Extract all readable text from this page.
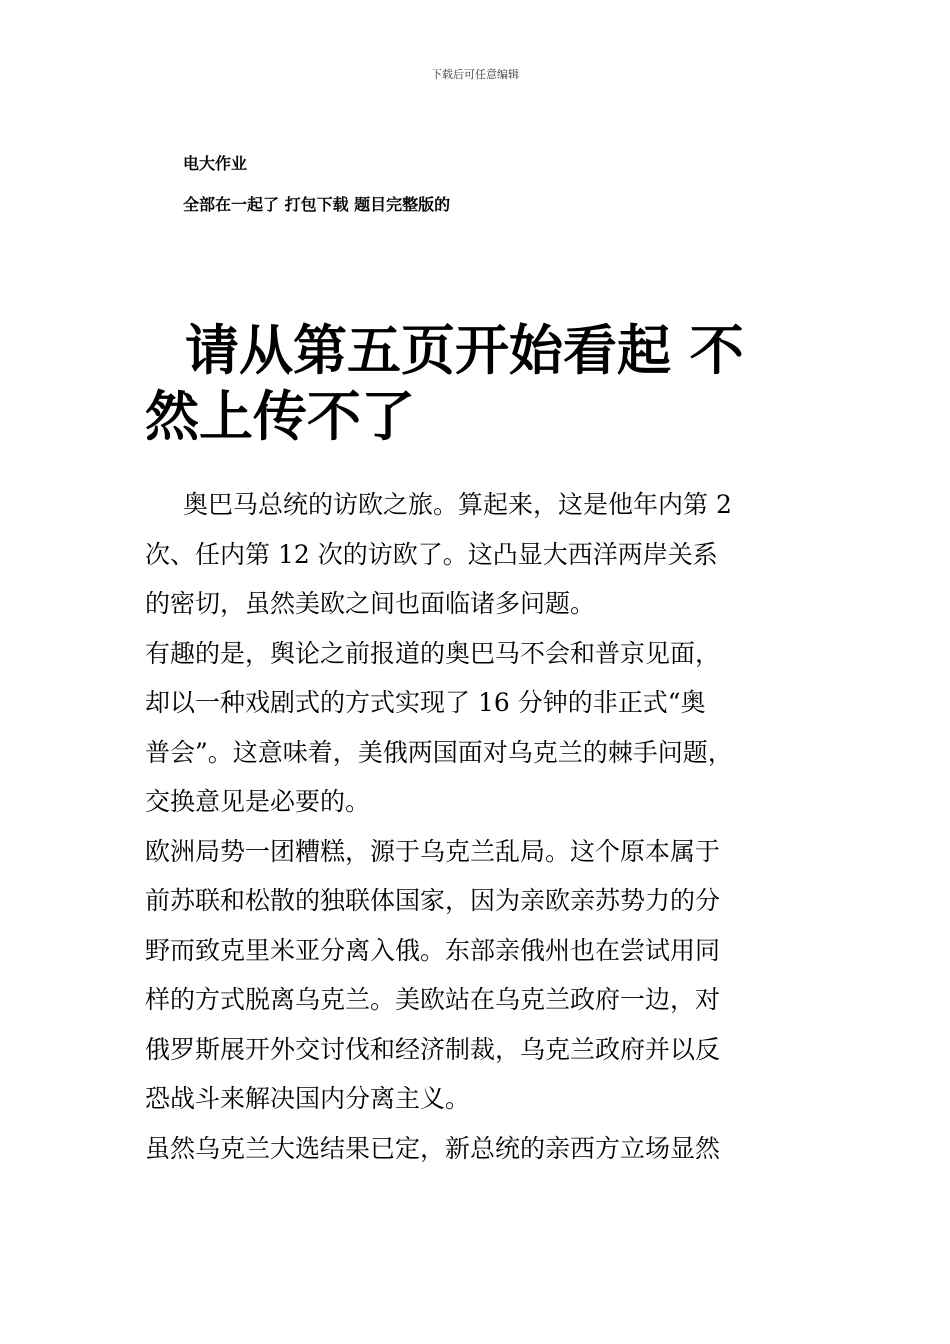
下载后可任意编辑
电大作业
全部在一起了 打包下载 题目完整版的
请从第五页开始看起 不
然上传不了
奥巴马总统的访欧之旅。算起来，这是他年内第 2
次、任内第 12 次的访欧了。这凸显大西洋两岸关系
的密切，虽然美欧之间也面临诸多问题。
有趣的是，舆论之前报道的奥巴马不会和普京见面，
却以一种戏剧式的方式实现了 16 分钟的非正式“奥
普会”。这意味着，美俄两国面对乌克兰的棘手问题，
交换意见是必要的。
欧洲局势一团糟糕，源于乌克兰乱局。这个原本属于
前苏联和松散的独联体国家，因为亲欧亲苏势力的分
野而致克里米亚分离入俄。东部亲俄州也在尝试用同
样的方式脱离乌克兰。美欧站在乌克兰政府一边，对
俄罗斯展开外交讨伐和经济制裁，乌克兰政府并以反
恐战斗来解决国内分离主义。
虽然乌克兰大选结果已定，新总统的亲西方立场显然
